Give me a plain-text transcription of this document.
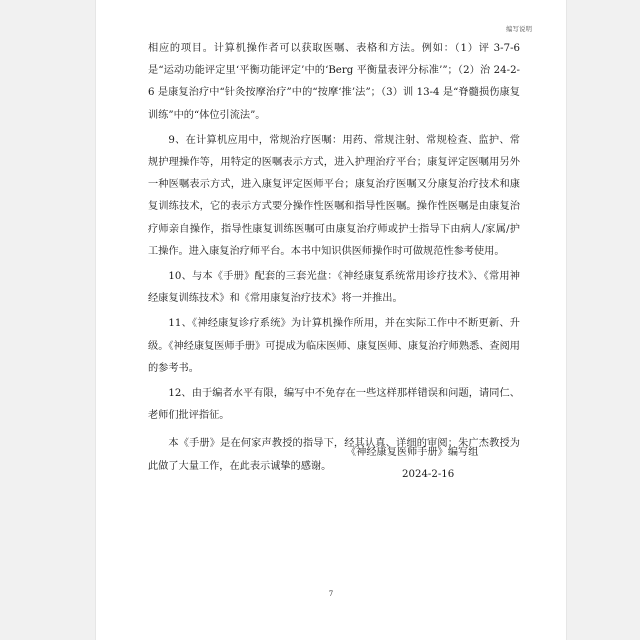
编写说明

相应的项目。计算机操作者可以获取医嘱、表格和方法。例如：（1）评 3-7-6 是“运动功能评定里‘平衡功能评定’中的‘Berg 平衡量表评分标准’”；（2）治 24-2-6 是康复治疗中“针灸按摩治疗”中的“按摩‘推’法”；（3）训 13-4 是“脊髓损伤康复训练”中的“体位引流法”。

9、在计算机应用中，常规治疗医嘱：用药、常规注射、常规检查、监护、常规护理操作等，用特定的医嘱表示方式，进入护理治疗平台；康复评定医嘱用另外一种医嘱表示方式，进入康复评定医师平台；康复治疗医嘱又分康复治疗技术和康复训练技术，它的表示方式要分操作性医嘱和指导性医嘱。操作性医嘱是由康复治疗师亲自操作，指导性康复训练医嘱可由康复治疗师或护士指导下由病人/家属/护工操作。进入康复治疗师平台。本书中知识供医师操作时可做规范性参考使用。

10、与本《手册》配套的三套光盘：《神经康复系统常用诊疗技术》、《常用神经康复训练技术》和《常用康复治疗技术》将一并推出。

11、《神经康复诊疗系统》为计算机操作所用，并在实际工作中不断更新、升级。《神经康复医师手册》可提成为临床医师、康复医师、康复治疗师熟悉、查阅用的参考书。

12、由于编者水平有限，编写中不免存在一些这样那样错误和问题，请同仁、老师们批评指征。

本《手册》是在何家声教授的指导下，经其认真、详细的审阅；朱广杰教授为此做了大量工作，在此表示诚挚的感谢。

《神经康复医师手册》编写组
2024-2-16
7
